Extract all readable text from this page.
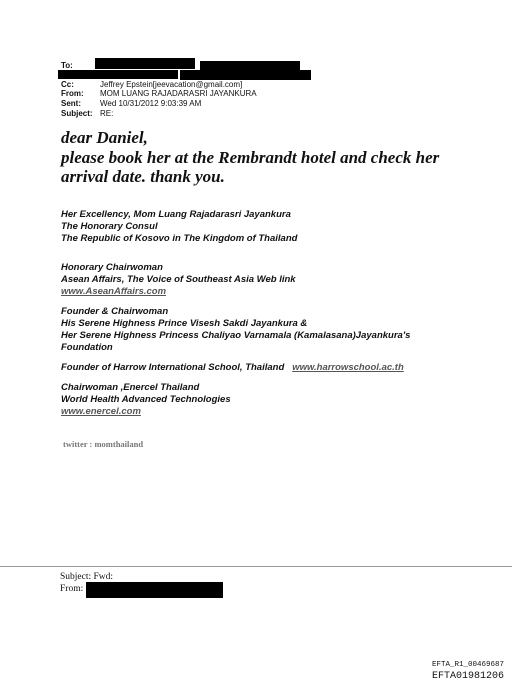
To:
Cc:	Jeffrey Epstein[jeevacation@gmail.com]
From: MOM LUANG RAJADARASRI JAYANKURA
Sent: Wed 10/31/2012 9:03:39 AM
Subject: RE:
dear Daniel,
please book her at the Rembrandt hotel and check her
arrival date. thank you.
Her Excellency, Mom Luang Rajadarasri Jayankura
The Honorary Consul
The Republic of Kosovo in The Kingdom of Thailand
Honorary Chairwoman
Asean Affairs, The Voice of Southeast Asia Web link
www.AseanAffairs.com
Founder & Chairwoman
His Serene Highness Prince Visesh Sakdi Jayankura &
Her Serene Highness Princess Chaliyao Varnamala (Kamalasana)Jayankura's
Foundation
Founder of Harrow International School, Thailand www.harrowschool.ac.th
Chairwoman ,Enercel Thailand
World Health Advanced Technologies
www.enercel.com
twitter : momthailand
Subject: Fwd:
From:
EFTA_R1_00469687
EFTA01981206
